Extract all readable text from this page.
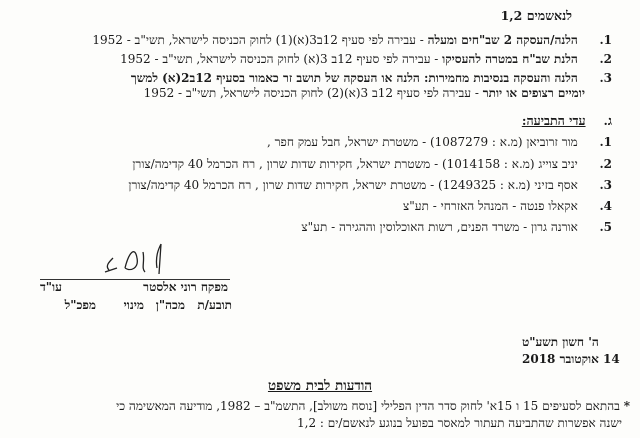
לנאשמים 1,2
1.  הלנה/העסקה 2 שב"חים ומעלה - עבירה לפי סעיף 12ב3(א)(1) לחוק הכניסה לישראל, תשי"ב - 1952
2.  הלנת שב"ח במטרה להעסיקו - עבירה לפי סעיף 12ב 3(א) לחוק הכניסה לישראל, תשי"ב - 1952
3.  הלנה והעסקה בנסיבות מחמירות: הלנה או העסקה של תושב זר כאמור בסעיף 12ב2(א) למשך
יומיים רצופים או יותר - עבירה לפי סעיף 12ב 3(א)(2) לחוק הכניסה לישראל, תשי"ב - 1952
ג.  עדי התביעה:
1.  מור זרוביאן (מ.א : 1087279) - משטרת ישראל, חבל עמק חפר ,
2.  יניב צוייג (מ.א : 1014158) - משטרת ישראל, חקירות שדות שרון , רח הכרמל 40 קדימה/צורן
3.  אסף בזיני (מ.א : 1249325) - משטרת ישראל, חקירות שדות שרון , רח הכרמל 40 קדימה/צורן
4.  אקאלו פנטה - המנהל האזרחי - תע"צ
5.  אורנה גרון - משרד הפנים, רשות האוכלוסין וההגירה - תע"צ
מפקח רוני אלסטר
עו"ד
תובע/ת
מכה"ן
מינוי
מפכ"ל
ה' חשון תשע"ט
14 אוקטובר 2018
הודעות לבית משפט
* בהתאם לסעיפים 15 ו 15א' לחוק סדר הדין הפלילי [נוסח משולב], התשמ"ב – 1982, מודיעה המאשימה כי
ישנה אפשרות שהתביעה תעתור למאסר בפועל בנוגע לנאשם/ים : 1,2
